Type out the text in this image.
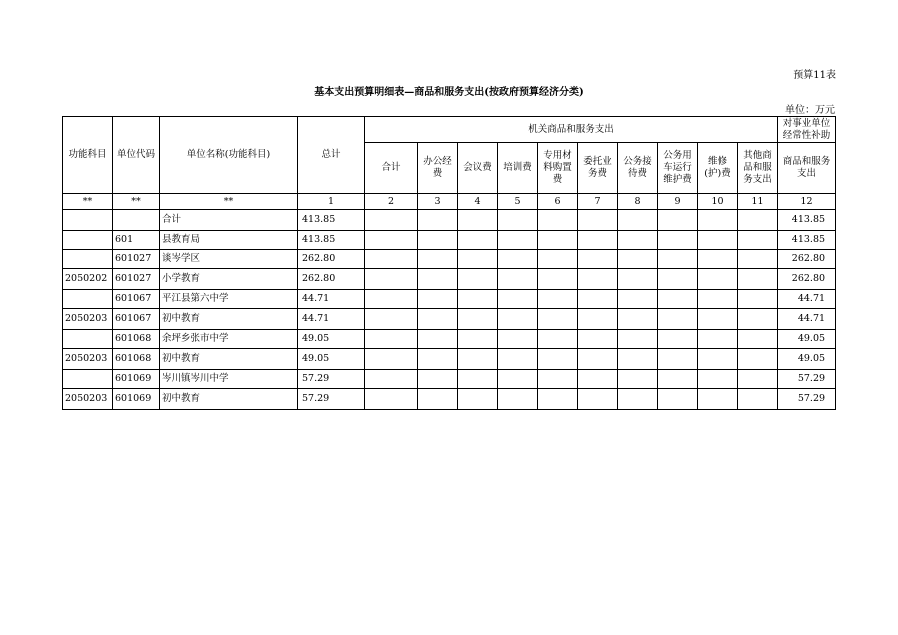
预算11表
基本支出预算明细表—商品和服务支出(按政府预算经济分类)
单位：万元
功能科目	单位代码	单位名称(功能科目)	总计	机关商品和服务支出										对事业单位经常性补助
				合计	办公经费	会议费	培训费	专用材料购置费	委托业务费	公务接待费	公务用车运行维护费	维修(护)费	其他商品和服务支出	商品和服务支出
**	**	**	1	2	3	4	5	6	7	8	9	10	11	12
		合计	413.85											413.85
	601	县教育局	413.85											413.85
	601027	谈岑学区	262.80											262.80
2050202	601027	小学教育	262.80											262.80
	601067	平江县第六中学	44.71											44.71
2050203	601067	初中教育	44.71											44.71
	601068	余坪乡张市中学	49.05											49.05
2050203	601068	初中教育	49.05											49.05
	601069	岑川镇岑川中学	57.29											57.29
2050203	601069	初中教育	57.29											57.29
